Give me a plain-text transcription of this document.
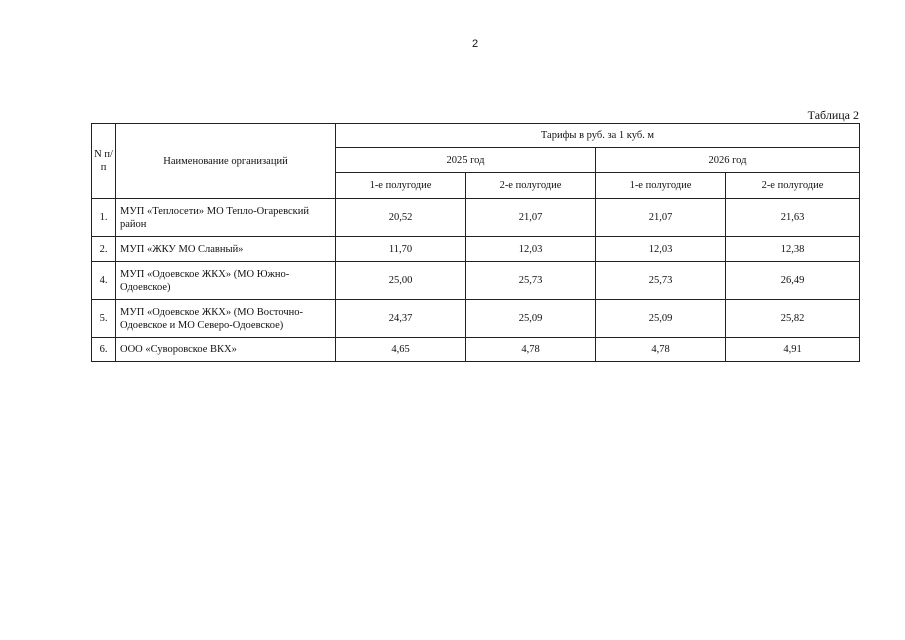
2
Таблица 2
N п/п	Наименование организаций	Тарифы в руб. за 1 куб. м			
		2025 год		2026 год	
		1-е полугодие	2-е полугодие	1-е полугодие	2-е полугодие
1.	МУП «Теплосети» МО Тепло-Огаревский район	20,52	21,07	21,07	21,63
2.	МУП «ЖКУ МО Славный»	11,70	12,03	12,03	12,38
4.	МУП «Одоевское ЖКХ» (МО Южно-Одоевское)	25,00	25,73	25,73	26,49
5.	МУП «Одоевское ЖКХ» (МО Восточно-Одоевское и МО Северо-Одоевское)	24,37	25,09	25,09	25,82
6.	ООО «Суворовское ВКХ»	4,65	4,78	4,78	4,91
